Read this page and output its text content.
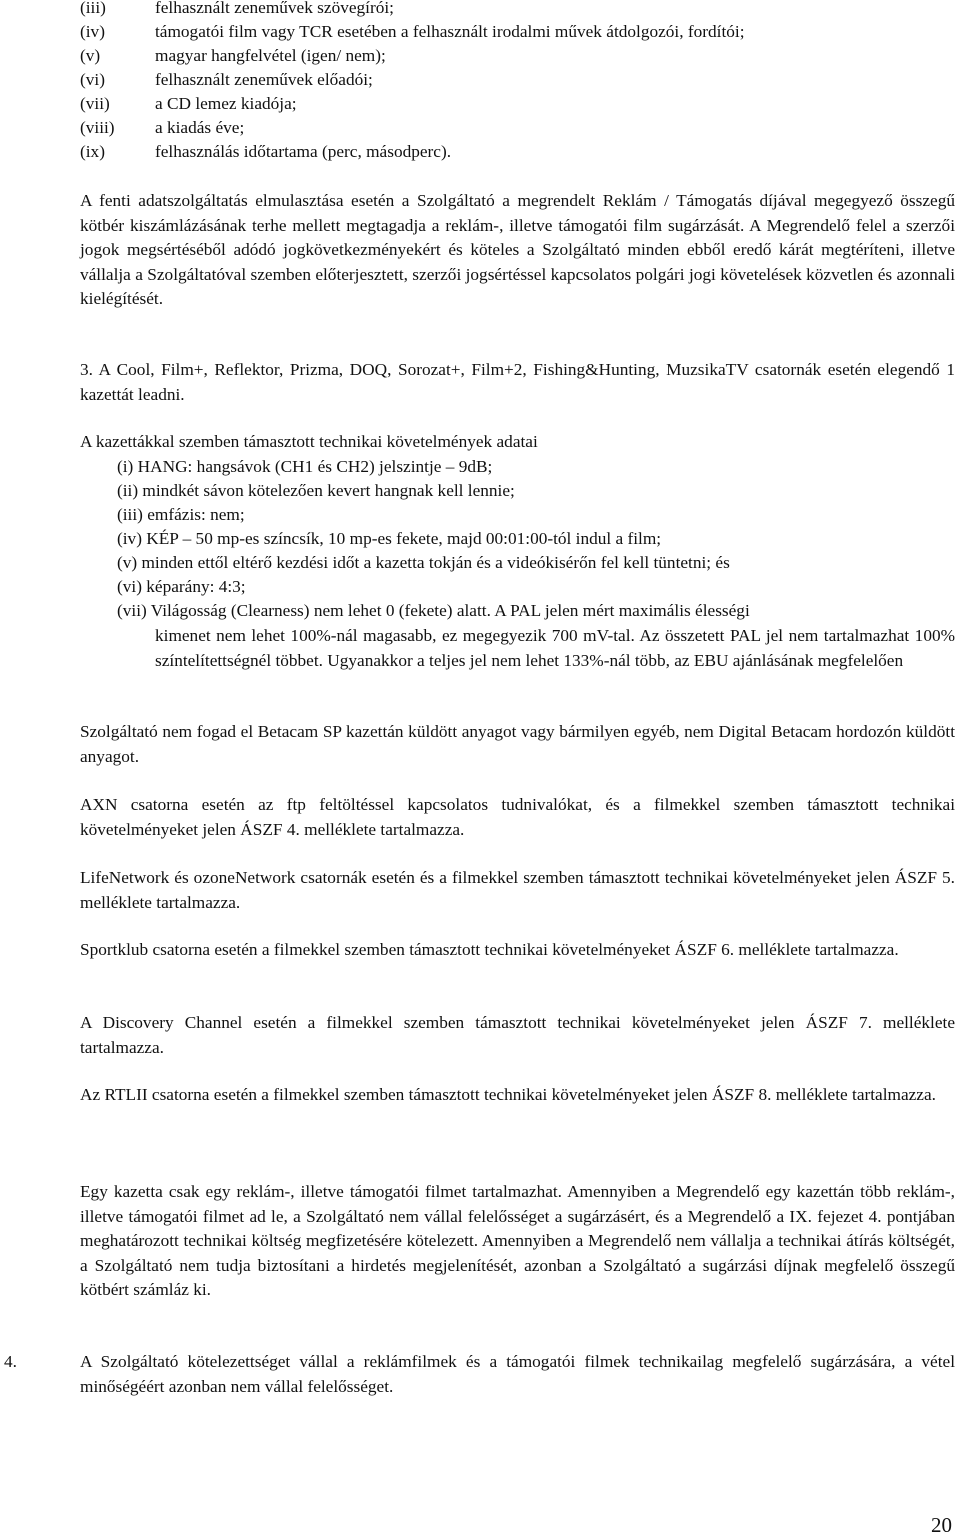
(iii)	felhasznált zeneművek szövegírói;
(iv)	támogatói film vagy TCR esetében a felhasznált irodalmi művek átdolgozói, fordítói;
(v)	magyar hangfelvétel (igen/ nem);
(vi)	felhasznált zeneművek előadói;
(vii)	a CD lemez kiadója;
(viii) a kiadás éve;
(ix)	felhasználás időtartama (perc, másodperc).
A fenti adatszolgáltatás elmulasztása esetén a Szolgáltató a megrendelt Reklám / Támogatás díjával megegyező összegű kötbér kiszámlázásának terhe mellett megtagadja a reklám-, illetve támogatói film sugárzását. A Megrendelő felel a szerzői jogok megsértéséből adódó jogkövetkezményekért és köteles a Szolgáltató minden ebből eredő kárát megtéríteni, illetve vállalja a Szolgáltatóval szemben előterjesztett, szerzői jogsértéssel kapcsolatos polgári jogi követelések közvetlen és azonnali kielégítését.
3. A Cool, Film+, Reflektor, Prizma, DOQ, Sorozat+, Film+2, Fishing&Hunting, MuzsikaTV csatornák esetén elegendő 1 kazettát leadni.
A kazettákkal szemben támasztott technikai követelmények adatai
(i) HANG: hangsávok (CH1 és CH2) jelszintje – 9dB;
(ii) mindkét sávon kötelezően kevert hangnak kell lennie;
(iii) emfázis: nem;
(iv) KÉP – 50 mp-es színcsík, 10 mp-es fekete, majd 00:01:00-tól indul a film;
(v) minden ettől eltérő kezdési időt a kazetta tokján és a videókisérőn fel kell tüntetni; és
(vi) képarány: 4:3;
(vii) Világosság (Clearness) nem lehet 0 (fekete) alatt. A PAL jelen mért maximális élességi
kimenet nem lehet 100%-nál magasabb, ez megegyezik 700 mV-tal. Az összetett PAL jel nem tartalmazhat 100% színtelítettségnél többet. Ugyanakkor a teljes jel nem lehet 133%-nál több, az EBU ajánlásának megfelelően
Szolgáltató nem fogad el Betacam SP kazettán küldött anyagot vagy bármilyen egyéb, nem Digital Betacam hordozón küldött anyagot.
AXN csatorna esetén az ftp feltöltéssel kapcsolatos tudnivalókat, és a filmekkel szemben támasztott technikai követelményeket jelen ÁSZF 4. melléklete tartalmazza.
LifeNetwork és ozoneNetwork csatornák esetén és a filmekkel szemben támasztott technikai követelményeket jelen ÁSZF 5. melléklete tartalmazza.
Sportklub csatorna esetén a filmekkel szemben támasztott technikai követelményeket ÁSZF 6. melléklete tartalmazza.
A Discovery Channel esetén a filmekkel szemben támasztott technikai követelményeket jelen ÁSZF 7. melléklete tartalmazza.
Az RTLII csatorna esetén a filmekkel szemben támasztott technikai követelményeket jelen ÁSZF 8. melléklete tartalmazza.
Egy kazetta csak egy reklám-, illetve támogatói filmet tartalmazhat. Amennyiben a Megrendelő egy kazettán több reklám-, illetve támogatói filmet ad le, a Szolgáltató nem vállal felelősséget a sugárzásért, és a Megrendelő a IX. fejezet 4. pontjában meghatározott technikai költség megfizetésére kötelezett. Amennyiben a Megrendelő nem vállalja a technikai átírás költségét, a Szolgáltató nem tudja biztosítani a hirdetés megjelenítését, azonban a Szolgáltató a sugárzási díjnak megfelelő összegű kötbért számláz ki.
4.	A Szolgáltató kötelezettséget vállal a reklámfilmek és a támogatói filmek technikailag megfelelő sugárzására, a vétel minőségéért azonban nem vállal felelősséget.
20
